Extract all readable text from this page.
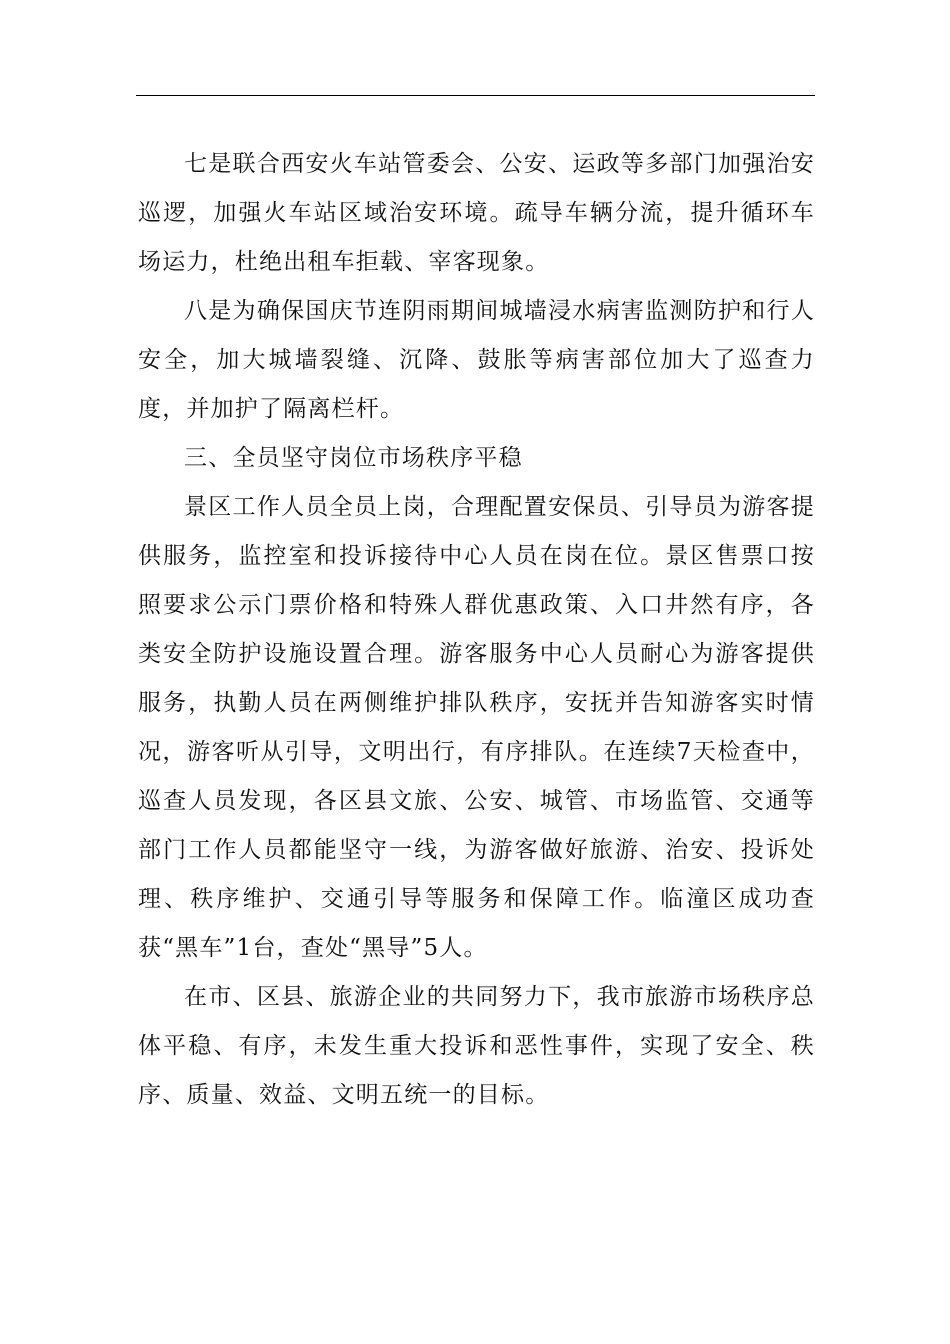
七是联合西安火车站管委会、公安、运政等多部门加强治安巡逻，加强火车站区域治安环境。疏导车辆分流，提升循环车场运力，杜绝出租车拒载、宰客现象。

八是为确保国庆节连阴雨期间城墙浸水病害监测防护和行人安全，加大城墙裂缝、沉降、鼓胀等病害部位加大了巡查力度，并加护了隔离栏杆。

三、全员坚守岗位市场秩序平稳

景区工作人员全员上岗，合理配置安保员、引导员为游客提供服务，监控室和投诉接待中心人员在岗在位。景区售票口按照要求公示门票价格和特殊人群优惠政策、入口井然有序，各类安全防护设施设置合理。游客服务中心人员耐心为游客提供服务，执勤人员在两侧维护排队秩序，安抚并告知游客实时情况，游客听从引导，文明出行，有序排队。在连续7天检查中，巡查人员发现，各区县文旅、公安、城管、市场监管、交通等部门工作人员都能坚守一线，为游客做好旅游、治安、投诉处理、秩序维护、交通引导等服务和保障工作。临潼区成功查获“黑车”1台，查处“黑导”5人。

在市、区县、旅游企业的共同努力下，我市旅游市场秩序总体平稳、有序，未发生重大投诉和恶性事件，实现了安全、秩序、质量、效益、文明五统一的目标。
